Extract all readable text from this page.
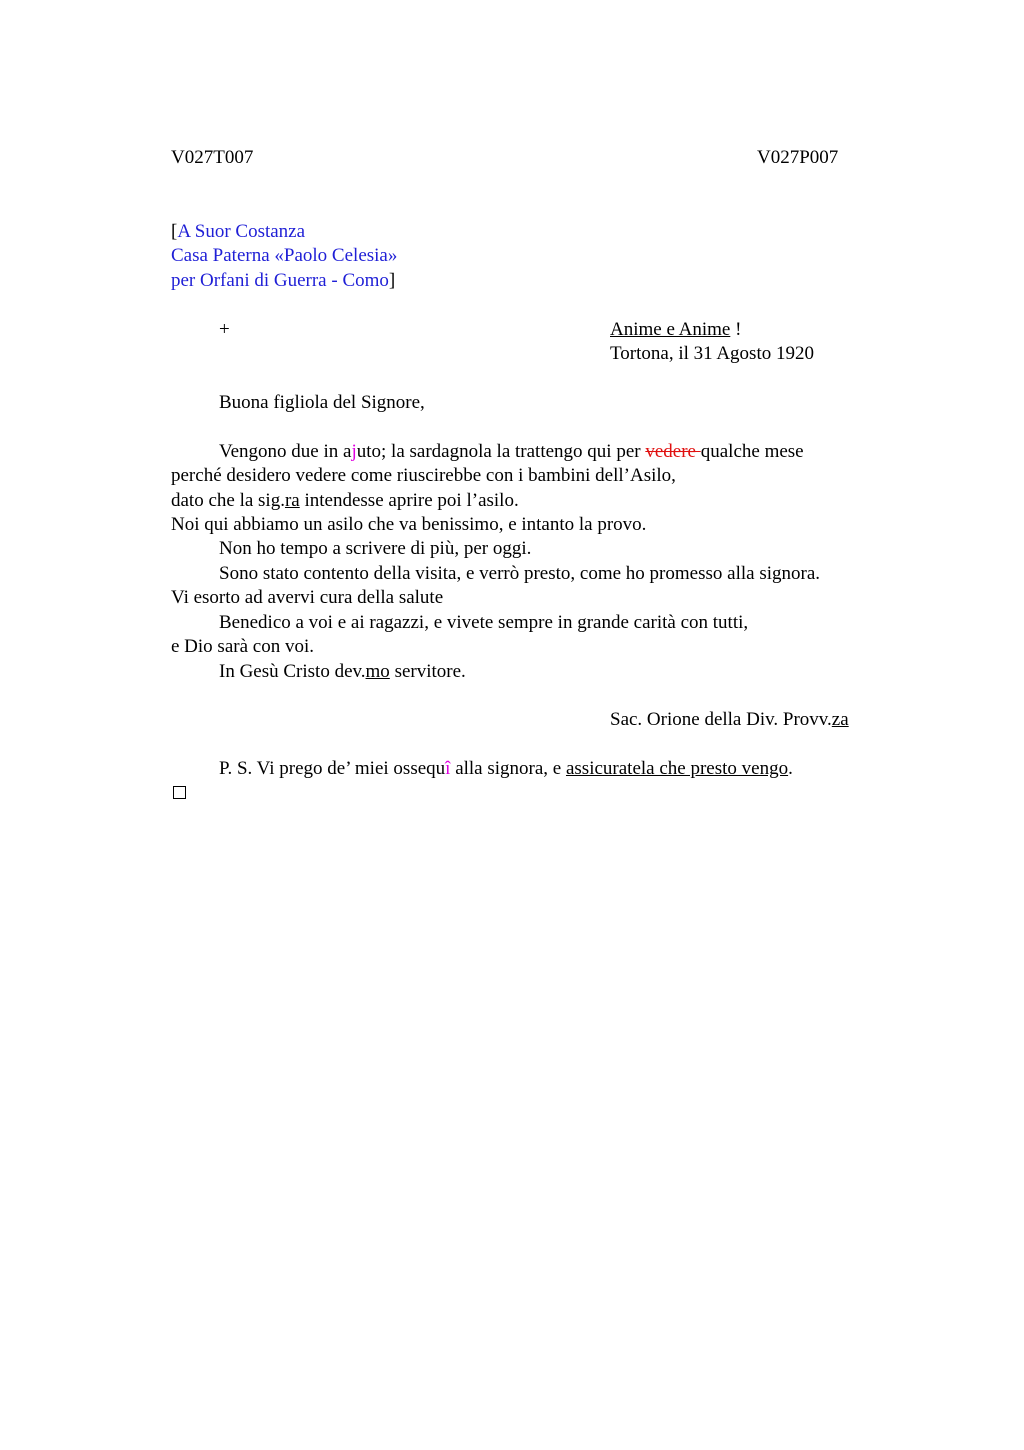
V027T007	V027P007
[A Suor Costanza
Casa Paterna «Paolo Celesia»
per Orfani di Guerra - Como]
+	Anime e Anime !
Tortona, il 31 Agosto 1920
Buona figliola del Signore,
Vengono due in ajuto; la sardagnola la trattengo qui per vedere qualche mese
perché desidero vedere come riuscirebbe con i bambini dell’Asilo,
dato che la sig.ra intendesse aprire poi l’asilo.
Noi qui abbiamo un asilo che va benissimo, e intanto la provo.
Non ho tempo a scrivere di più, per oggi.
Sono stato contento della visita, e verrò presto, come ho promesso alla signora.
Vi esorto ad avervi cura della salute
Benedico a voi e ai ragazzi, e vivete sempre in grande carità con tutti,
e Dio sarà con voi.
In Gesù Cristo dev.mo servitore.
Sac. Orione della Div. Provv.za
P. S. Vi prego de’ miei ossequî alla signora, e assicuratela che presto vengo.
